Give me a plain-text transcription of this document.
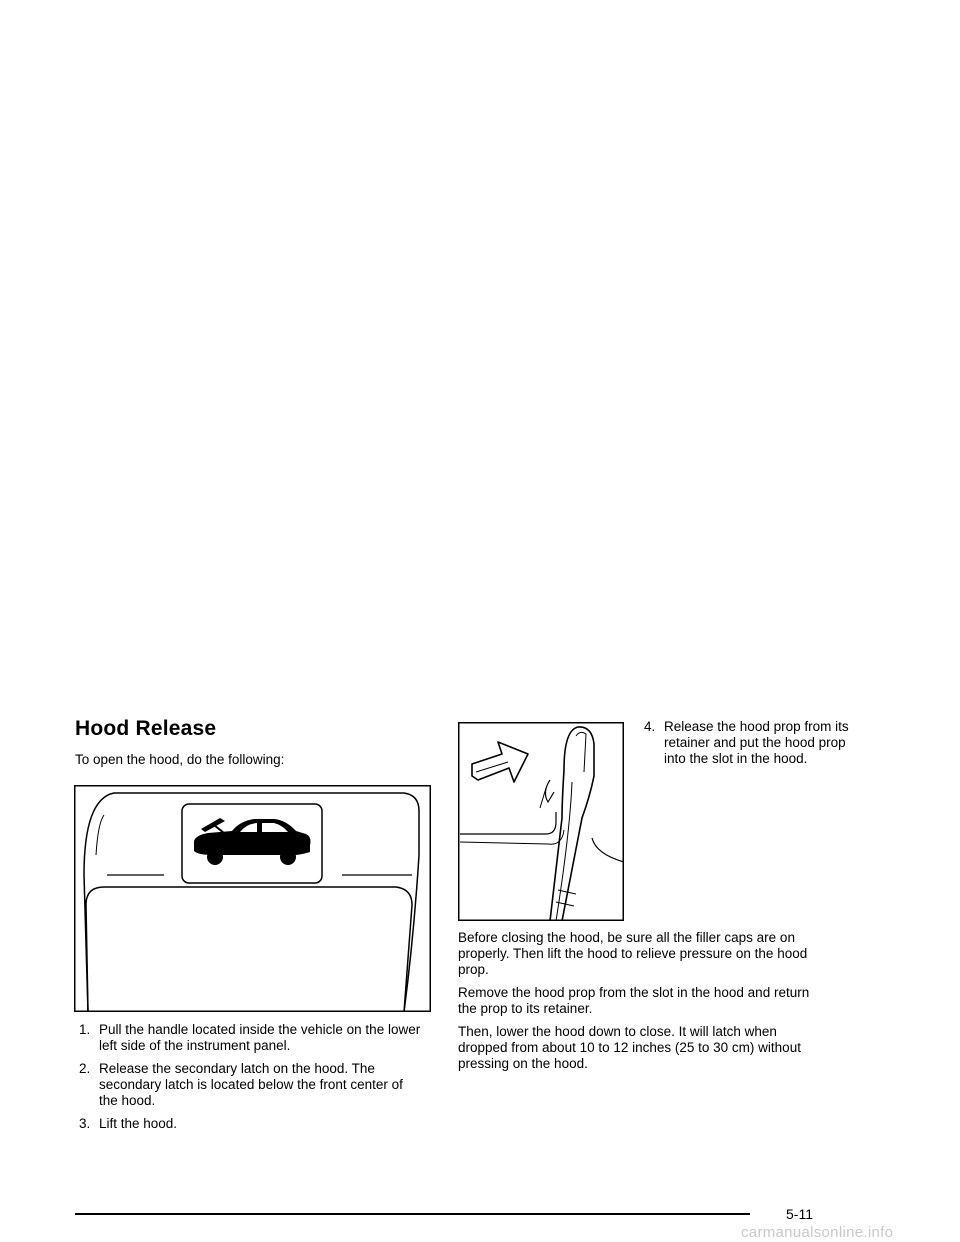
Hood Release

To open the hood, do the following:

1. Pull the handle located inside the vehicle on the lower left side of the instrument panel.
2. Release the secondary latch on the hood. The secondary latch is located below the front center of the hood.
3. Lift the hood.
4. Release the hood prop from its retainer and put the hood prop into the slot in the hood.

Before closing the hood, be sure all the filler caps are on properly. Then lift the hood to relieve pressure on the hood prop.

Remove the hood prop from the slot in the hood and return the prop to its retainer.

Then, lower the hood down to close. It will latch when dropped from about 10 to 12 inches (25 to 30 cm) without pressing on the hood.

5-11
carmanualsonline.info
